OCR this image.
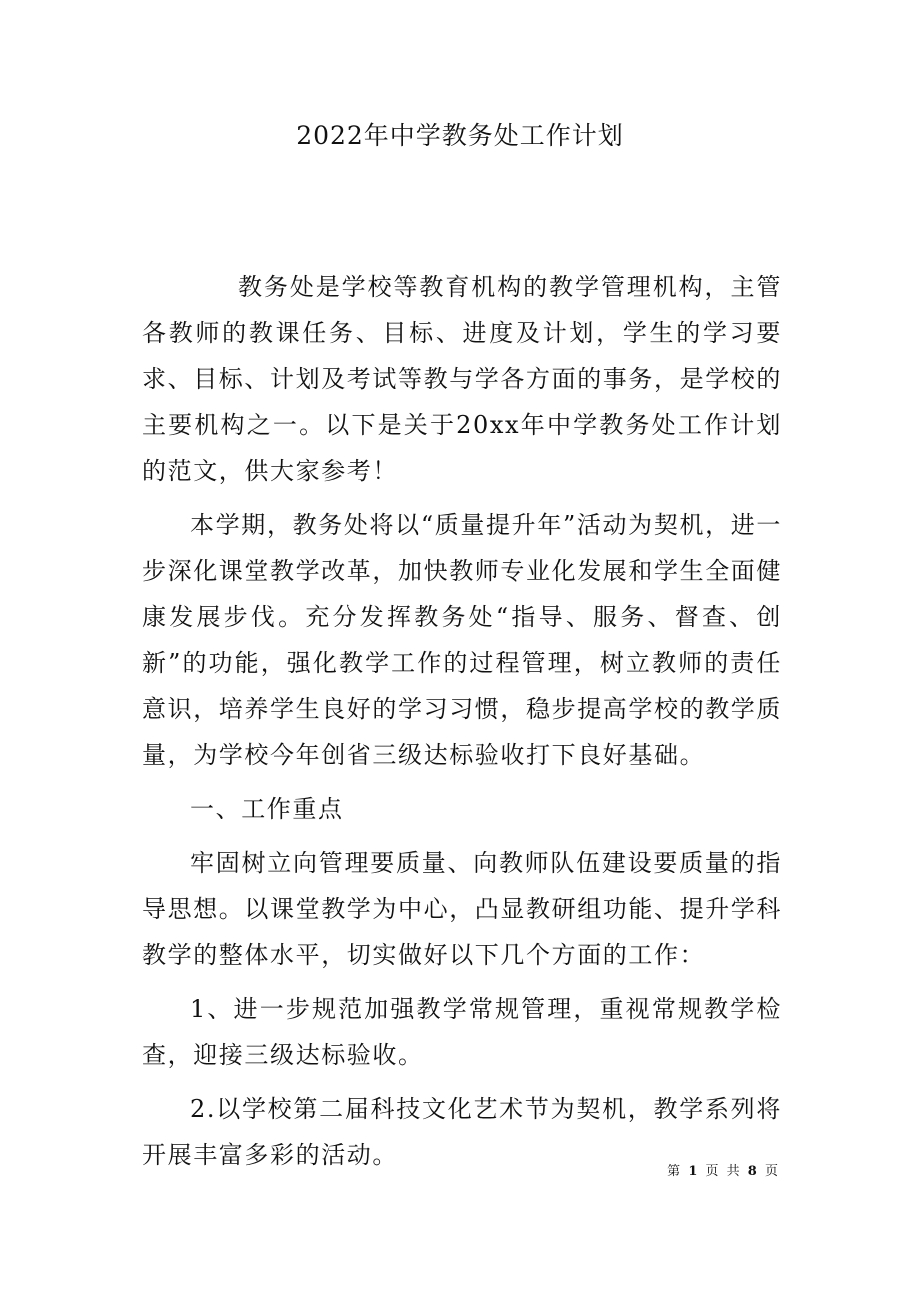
2022年中学教务处工作计划

教务处是学校等教育机构的教学管理机构，主管各教师的教课任务、目标、进度及计划，学生的学习要求、目标、计划及考试等教与学各方面的事务，是学校的主要机构之一。以下是关于20xx年中学教务处工作计划的范文，供大家参考！

本学期，教务处将以“质量提升年”活动为契机，进一步深化课堂教学改革，加快教师专业化发展和学生全面健康发展步伐。充分发挥教务处“指导、服务、督查、创新”的功能，强化教学工作的过程管理，树立教师的责任意识，培养学生良好的学习习惯，稳步提高学校的教学质量，为学校今年创省三级达标验收打下良好基础。

一、工作重点

牢固树立向管理要质量、向教师队伍建设要质量的指导思想。以课堂教学为中心，凸显教研组功能、提升学科教学的整体水平，切实做好以下几个方面的工作：

1、进一步规范加强教学常规管理，重视常规教学检查，迎接三级达标验收。

2.以学校第二届科技文化艺术节为契机，教学系列将开展丰富多彩的活动。

第 1 页 共 8 页
